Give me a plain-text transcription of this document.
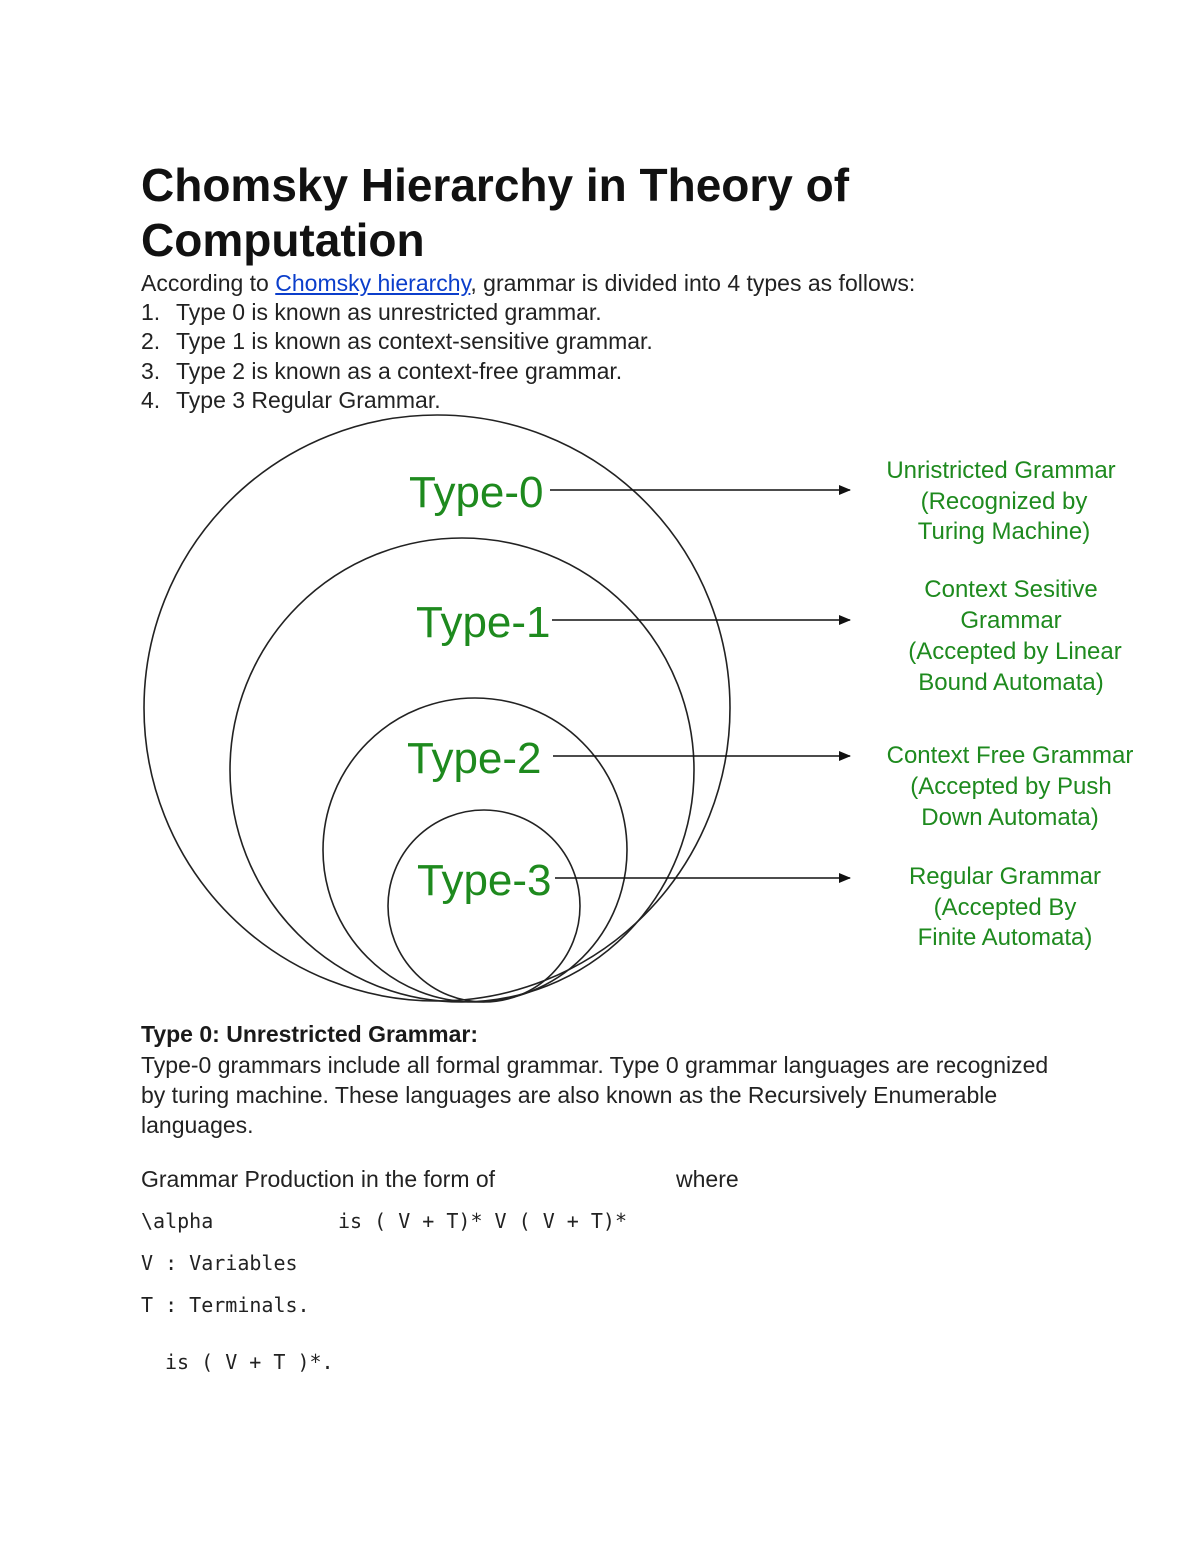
Chomsky Hierarchy in Theory of Computation
According to Chomsky hierarchy, grammar is divided into 4 types as follows:
1. Type 0 is known as unrestricted grammar.
2. Type 1 is known as context-sensitive grammar.
3. Type 2 is known as a context-free grammar.
4. Type 3 Regular Grammar.
Type-0
Type-1
Type-2
Type-3
Unristricted Grammar
(Recognized by
Turing Machine)
Context Sesitive
Grammar
(Accepted by Linear
Bound Automata)
Context Free Grammar
(Accepted by Push
Down Automata)
Regular Grammar
(Accepted By
Finite Automata)
Type 0: Unrestricted Grammar:

Type-0 grammars include all formal grammar. Type 0 grammar languages are recognized by turing machine. These languages are also known as the Recursively Enumerable languages.

Grammar Production in the form of	where
\alpha	is ( V + T)* V ( V + T)*
V : Variables
T : Terminals.
is ( V + T )*.
